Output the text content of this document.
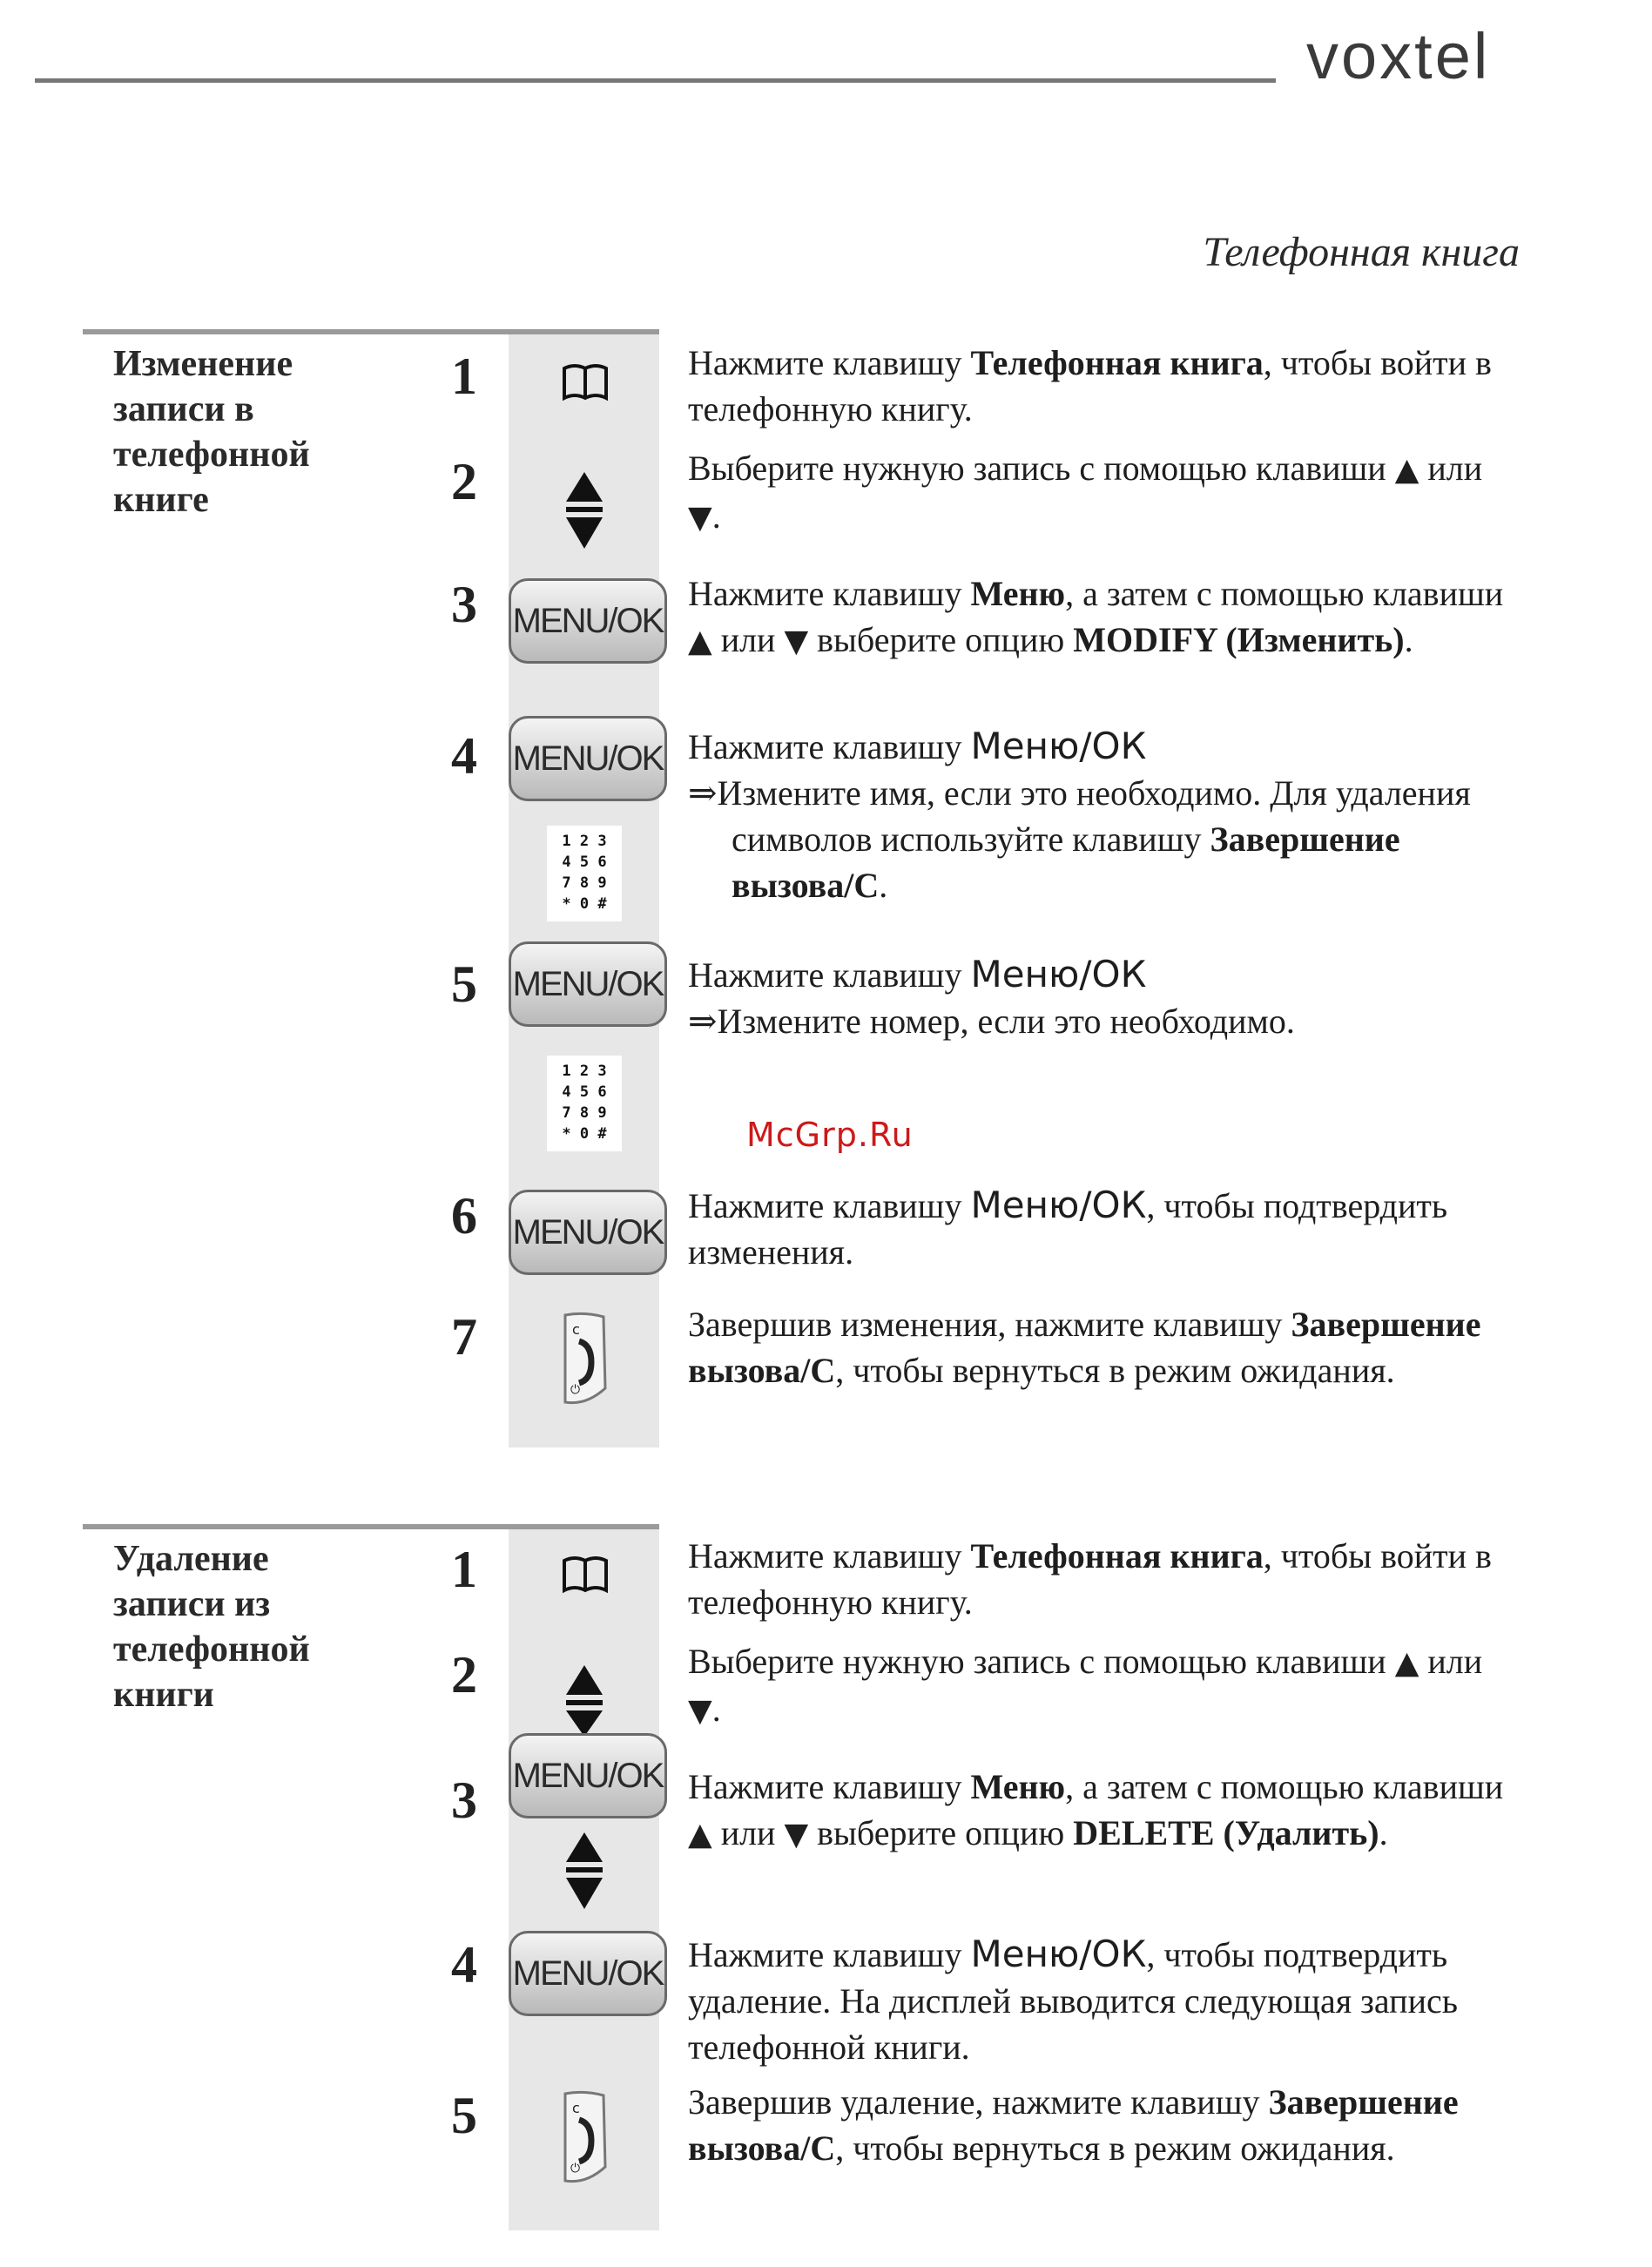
voxtel
Телефонная книга
Изменение записи в телефонной книге
1	Нажмите клавишу Телефонная книга, чтобы войти в телефонную книгу.
2	Выберите нужную запись с помощью клавиши ▲ или ▼.
3	MENU/OK
Нажмите клавишу Меню, а затем с помощью клавиши ▲ или ▼ выберите опцию MODIFY (Изменить).
4	MENU/OK
1 2 3
4 5 6
7 8 9
* 0 #
Нажмите клавишу Меню/ОК
⇒Измените имя, если это необходимо. Для удаления символов используйте клавишу Завершение вызова/С.
5	MENU/OK
1 2 3
4 5 6
7 8 9
* 0 #
Нажмите клавишу Меню/ОК
⇒Измените номер, если это необходимо.
McGrp.Ru
6	MENU/OK
Нажмите клавишу Меню/ОК, чтобы подтвердить изменения.
7	c
⏻
Завершив изменения, нажмите клавишу Завершение вызова/С, чтобы вернуться в режим ожидания.
Удаление записи из телефонной книги
1	Нажмите клавишу Телефонная книга, чтобы войти в телефонную книгу.
2	Выберите нужную запись с помощью клавиши ▲ или ▼.
3	MENU/OK Нажмите клавишу Меню, а затем с помощью клавиши ▲ или ▼ выберите опцию DELETE (Удалить).
4	MENU/OK Нажмите клавишу Меню/ОК, чтобы подтвердить удаление. На дисплей выводится следующая запись телефонной книги.
5	c
⏻
Завершив удаление, нажмите клавишу Завершение вызова/С, чтобы вернуться в режим ожидания.
